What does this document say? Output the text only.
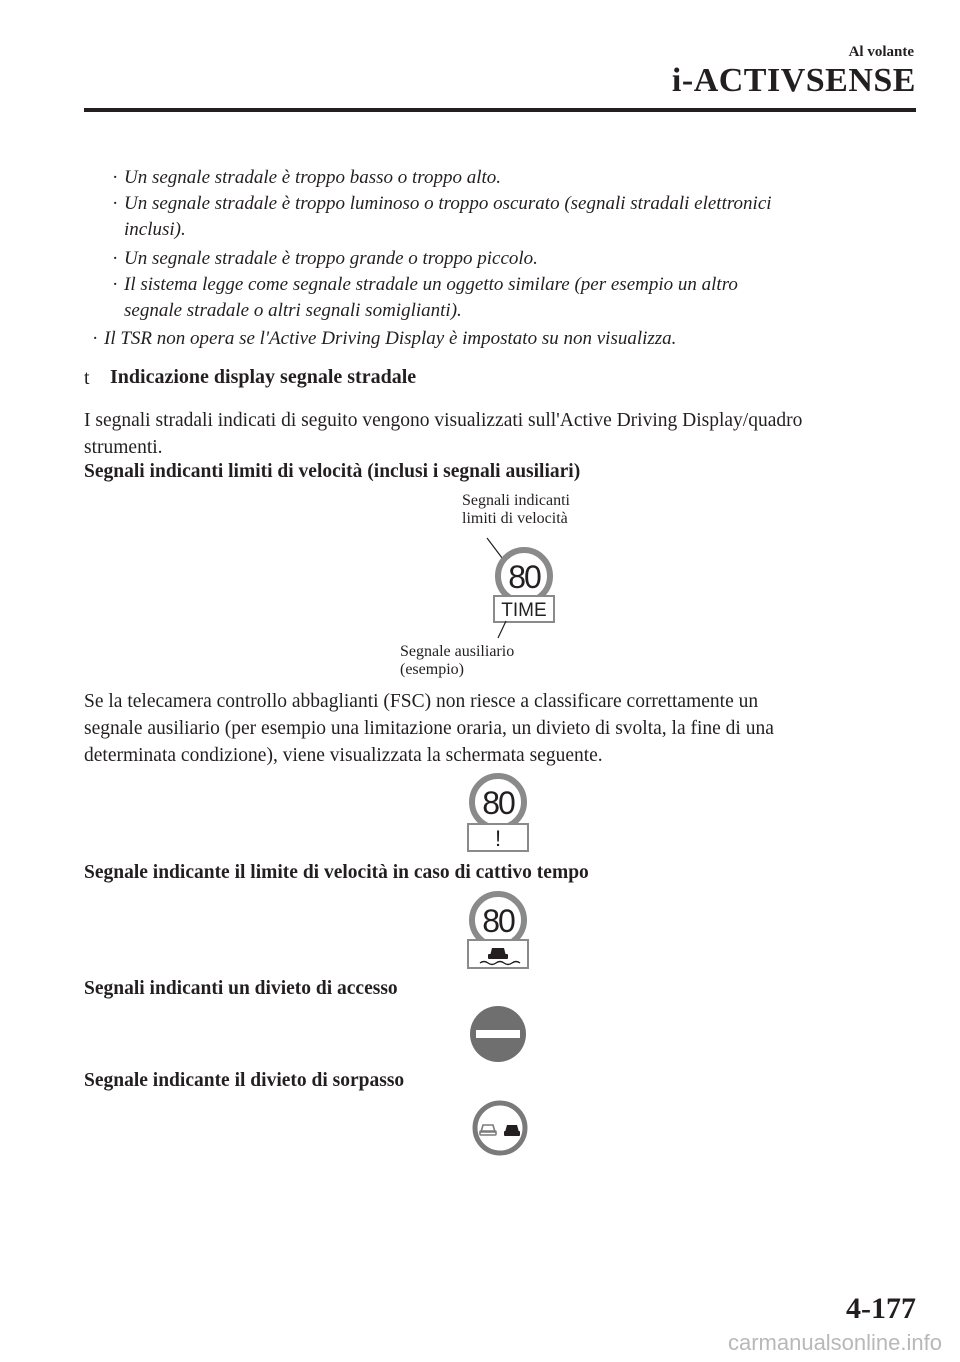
Al volante
i-ACTIVSENSE
· Un segnale stradale è troppo basso o troppo alto.
· Un segnale stradale è troppo luminoso o troppo oscurato (segnali stradali elettronici
inclusi).
· Un segnale stradale è troppo grande o troppo piccolo.
· Il sistema legge come segnale stradale un oggetto similare (per esempio un altro
segnale stradale o altri segnali somiglianti).
· Il TSR non opera se l'Active Driving Display è impostato su non visualizza.
t Indicazione display segnale stradale
I segnali stradali indicati di seguito vengono visualizzati sull'Active Driving Display/quadro
strumenti.
Segnali indicanti limiti di velocità (inclusi i segnali ausiliari)
Segnali indicanti
limiti di velocità
Segnale ausiliario
(esempio)
80
TIME
Se la telecamera controllo abbaglianti (FSC) non riesce a classificare correttamente un
segnale ausiliario (per esempio una limitazione oraria, un divieto di svolta, la fine di una
determinata condizione), viene visualizzata la schermata seguente.
80
!
Segnale indicante il limite di velocità in caso di cattivo tempo
80
Segnali indicanti un divieto di accesso
Segnale indicante il divieto di sorpasso
4-177
carmanualsonline.info
